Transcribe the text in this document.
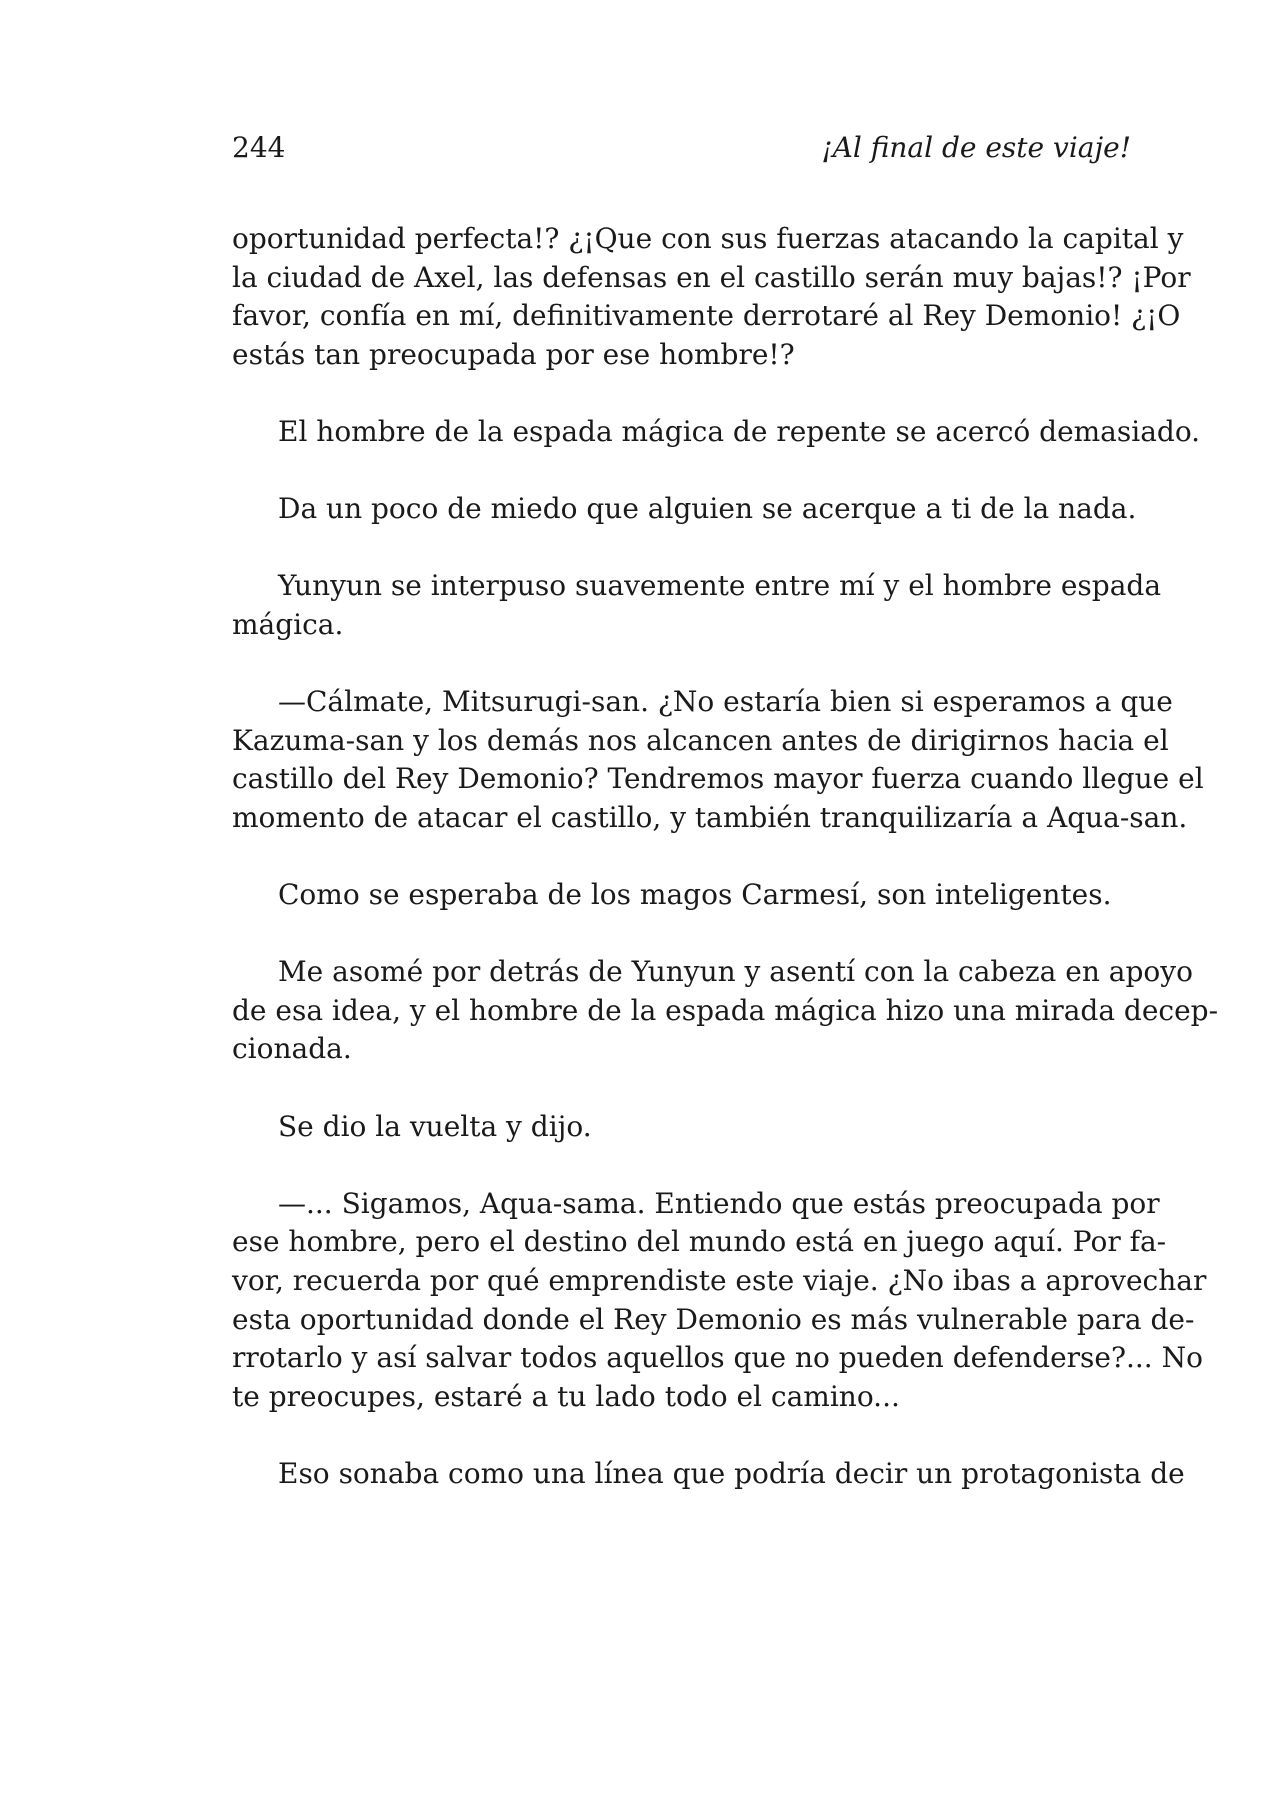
244	¡Al final de este viaje!
oportunidad perfecta!? ¿¡Que con sus fuerzas atacando la capital y
la ciudad de Axel, las defensas en el castillo serán muy bajas!? ¡Por
favor, confía en mí, definitivamente derrotaré al Rey Demonio! ¿¡O
estás tan preocupada por ese hombre!?
El hombre de la espada mágica de repente se acercó demasiado.
Da un poco de miedo que alguien se acerque a ti de la nada.
Yunyun se interpuso suavemente entre mí y el hombre espada
mágica.
—Cálmate, Mitsurugi-san. ¿No estaría bien si esperamos a que
Kazuma-san y los demás nos alcancen antes de dirigirnos hacia el
castillo del Rey Demonio? Tendremos mayor fuerza cuando llegue el
momento de atacar el castillo, y también tranquilizaría a Aqua-san.
Como se esperaba de los magos Carmesí, son inteligentes.
Me asomé por detrás de Yunyun y asentí con la cabeza en apoyo
de esa idea, y el hombre de la espada mágica hizo una mirada decep-
cionada.
Se dio la vuelta y dijo.
—... Sigamos, Aqua-sama. Entiendo que estás preocupada por
ese hombre, pero el destino del mundo está en juego aquí. Por fa-
vor, recuerda por qué emprendiste este viaje. ¿No ibas a aprovechar
esta oportunidad donde el Rey Demonio es más vulnerable para de-
rrotarlo y así salvar todos aquellos que no pueden defenderse?... No
te preocupes, estaré a tu lado todo el camino...
Eso sonaba como una línea que podría decir un protagonista de
